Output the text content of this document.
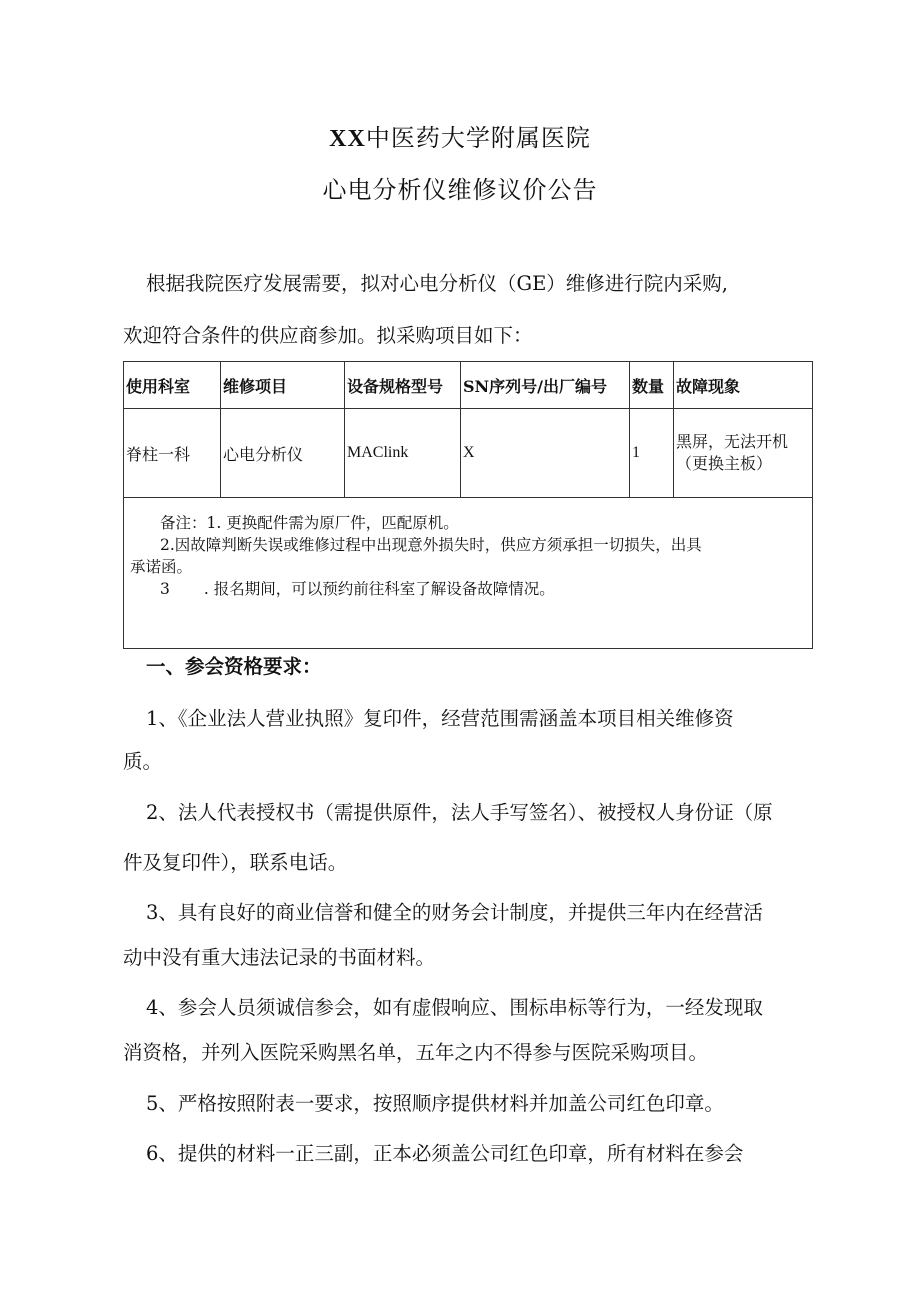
XX中医药大学附属医院
心电分析仪维修议价公告
根据我院医疗发展需要，拟对心电分析仪（GE）维修进行院内采购,
欢迎符合条件的供应商参加。拟采购项目如下：
使用科室	维修项目	设备规格型号	SN序列号/出厂编号	数量	故障现象
脊柱一科	心电分析仪	MAClink	X	1	黑屏，无法开机
（更换主板）

备注：1. 更换配件需为原厂件，匹配原机。
2.因故障判断失误或维修过程中出现意外损失时，供应方须承担一切损失，出具
承诺函。
3 . 报名期间，可以预约前往科室了解设备故障情况。					
一、参会资格要求：
1、《企业法人营业执照》复印件，经营范围需涵盖本项目相关维修资
质。
2、法人代表授权书（需提供原件，法人手写签名）、被授权人身份证（原
件及复印件），联系电话。
3、具有良好的商业信誉和健全的财务会计制度，并提供三年内在经营活
动中没有重大违法记录的书面材料。
4、参会人员须诚信参会，如有虚假响应、围标串标等行为，一经发现取
消资格，并列入医院采购黑名单，五年之内不得参与医院采购项目。
5、严格按照附表一要求，按照顺序提供材料并加盖公司红色印章。
6、提供的材料一正三副，正本必须盖公司红色印章，所有材料在参会
